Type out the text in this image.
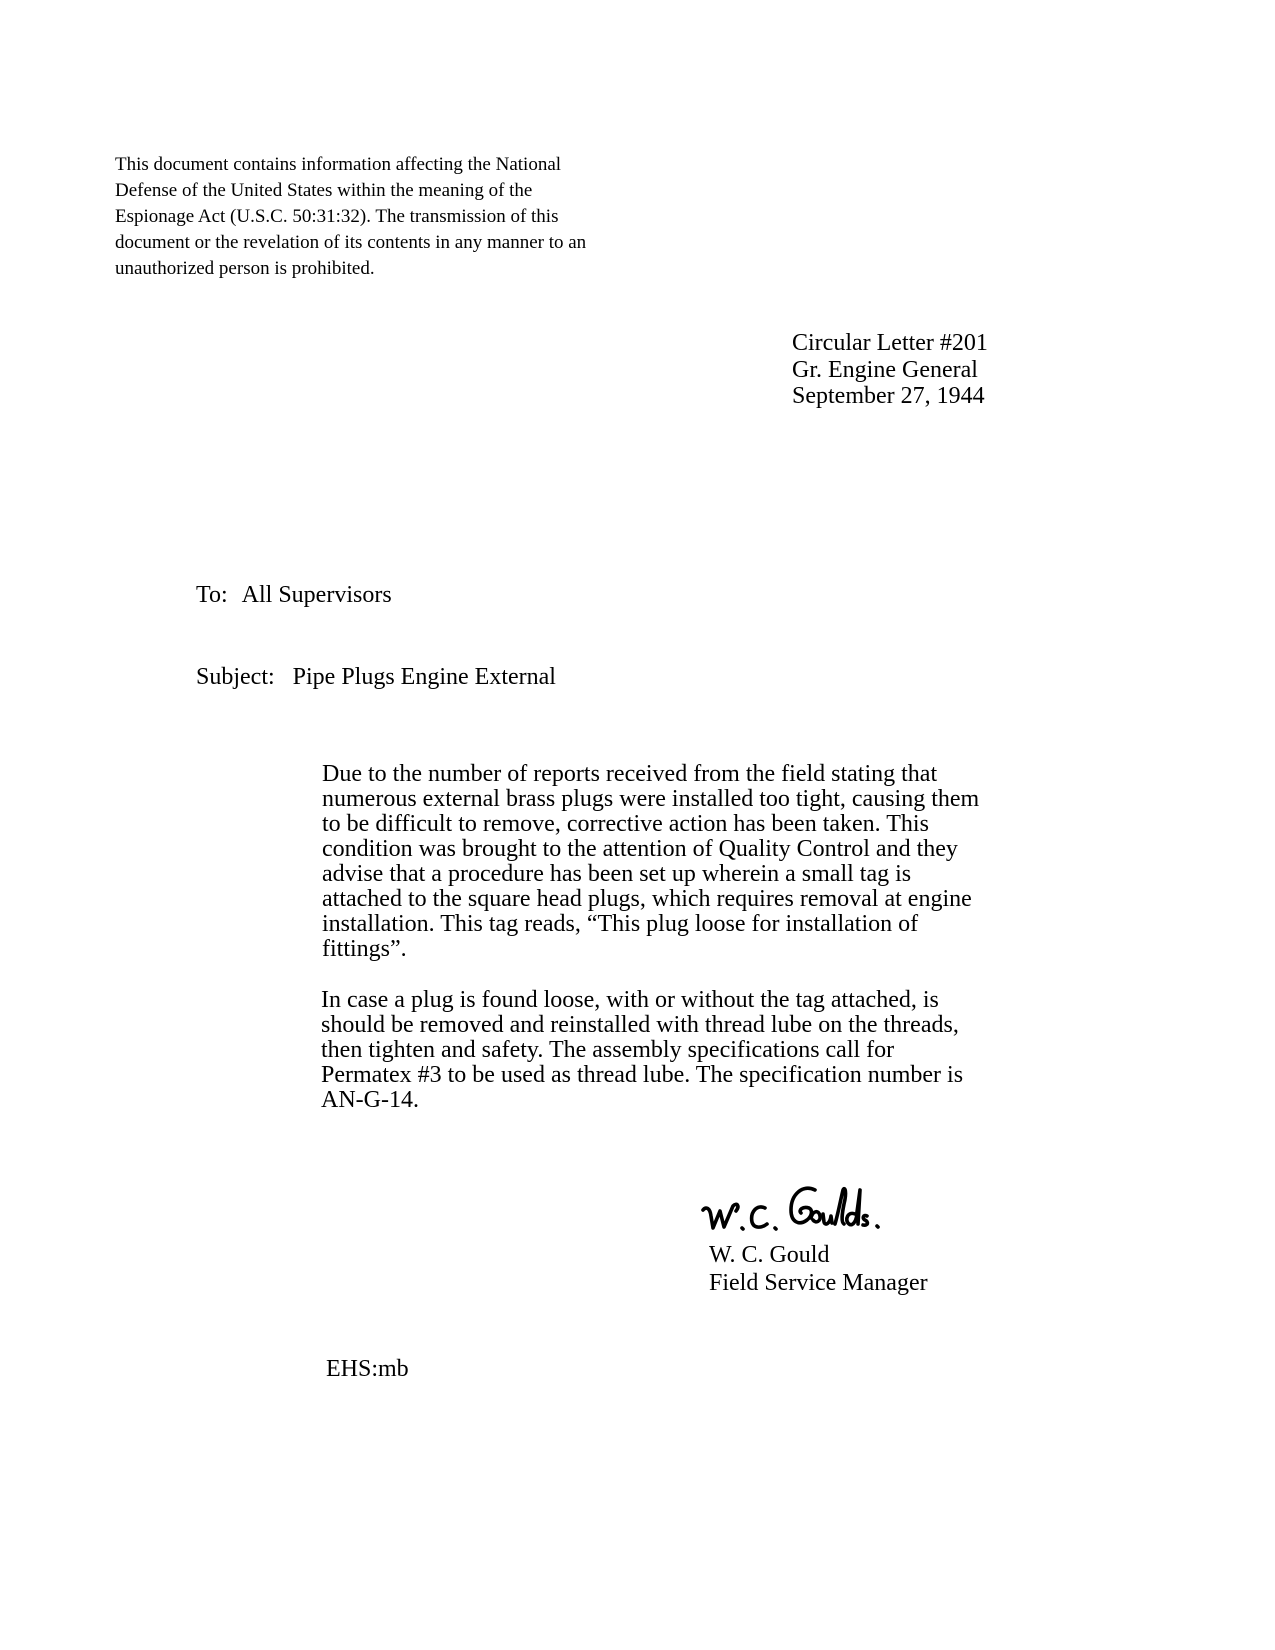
This document contains information affecting the National
Defense of the United States within the meaning of the
Espionage Act (U.S.C. 50:31:32). The transmission of this
document or the revelation of its contents in any manner to an
unauthorized person is prohibited.
Circular Letter #201
Gr. Engine General
September 27, 1944
To: All Supervisors
Subject: Pipe Plugs Engine External
Due to the number of reports received from the field stating that
numerous external brass plugs were installed too tight, causing them
to be difficult to remove, corrective action has been taken. This
condition was brought to the attention of Quality Control and they
advise that a procedure has been set up wherein a small tag is
attached to the square head plugs, which requires removal at engine
installation. This tag reads, “This plug loose for installation of
fittings”.
In case a plug is found loose, with or without the tag attached, is
should be removed and reinstalled with thread lube on the threads,
then tighten and safety. The assembly specifications call for
Permatex #3 to be used as thread lube. The specification number is
AN-G-14.
W. C. Gould
Field Service Manager
EHS:mb
